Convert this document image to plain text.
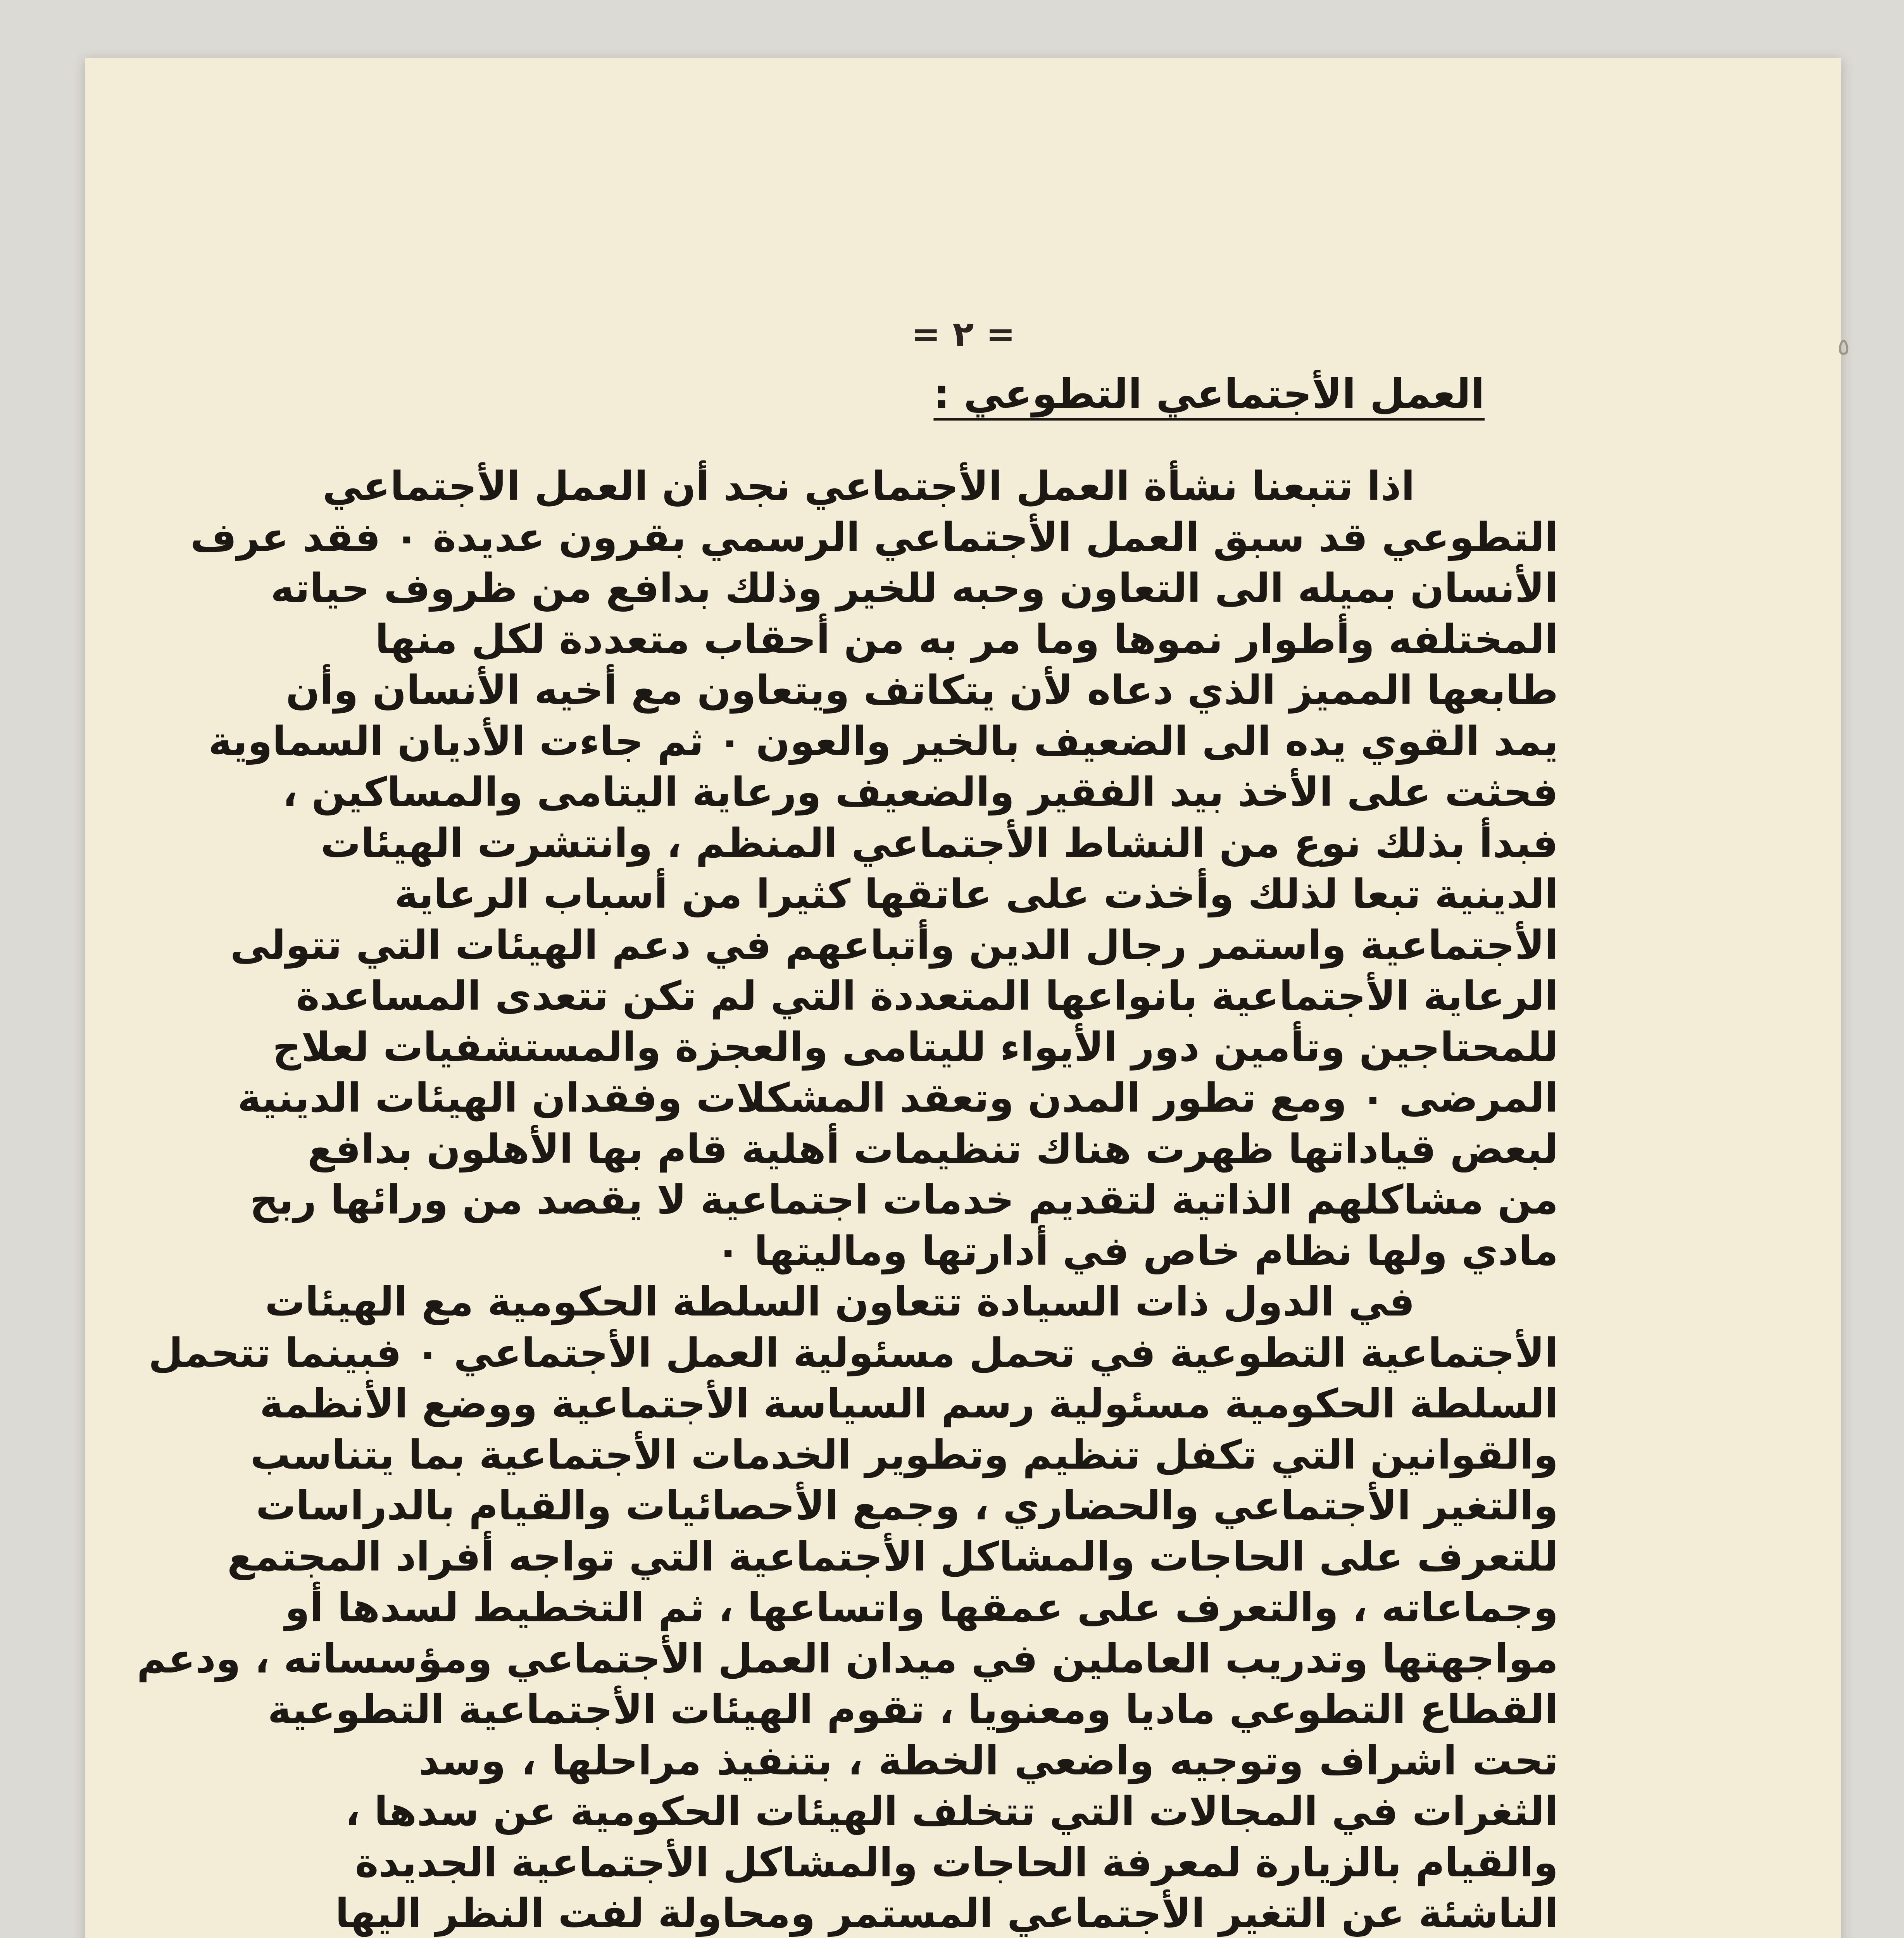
٥
= ٢ =
العمل الأجتماعي التطوعي :
اذا تتبعنا نشأة العمل الأجتماعي نجد أن العمل الأجتماعي
التطوعي قد سبق العمل الأجتماعي الرسمي بقرون عديدة ٠ فقد عرف
الأنسان بميله الى التعاون وحبه للخير وذلك بدافع من ظروف حياته
المختلفه وأطوار نموها وما مر به من أحقاب متعددة لكل منها
طابعها المميز الذي دعاه لأن يتكاتف ويتعاون مع أخيه الأنسان وأن
يمد القوي يده الى الضعيف بالخير والعون ٠ ثم جاءت الأديان السماوية
فحثت على الأخذ بيد الفقير والضعيف ورعاية اليتامى والمساكين ،
فبدأ بذلك نوع من النشاط الأجتماعي المنظم ، وانتشرت الهيئات
الدينية تبعا لذلك وأخذت على عاتقها كثيرا من أسباب الرعاية
الأجتماعية واستمر رجال الدين وأتباعهم في دعم الهيئات التي تتولى
الرعاية الأجتماعية بانواعها المتعددة التي لم تكن تتعدى المساعدة
للمحتاجين وتأمين دور الأيواء لليتامى والعجزة والمستشفيات لعلاج
المرضى ٠ ومع تطور المدن وتعقد المشكلات وفقدان الهيئات الدينية
لبعض قياداتها ظهرت هناك تنظيمات أهلية قام بها الأهلون بدافع
من مشاكلهم الذاتية لتقديم خدمات اجتماعية لا يقصد من ورائها ربح
مادي ولها نظام خاص في أدارتها وماليتها ٠
في الدول ذات السيادة تتعاون السلطة الحكومية مع الهيئات
الأجتماعية التطوعية في تحمل مسئولية العمل الأجتماعي ٠ فبينما تتحمل
السلطة الحكومية مسئولية رسم السياسة الأجتماعية ووضع الأنظمة
والقوانين التي تكفل تنظيم وتطوير الخدمات الأجتماعية بما يتناسب
والتغير الأجتماعي والحضاري ، وجمع الأحصائيات والقيام بالدراسات
للتعرف على الحاجات والمشاكل الأجتماعية التي تواجه أفراد المجتمع
وجماعاته ، والتعرف على عمقها واتساعها ، ثم التخطيط لسدها أو
مواجهتها وتدريب العاملين في ميدان العمل الأجتماعي ومؤسساته ، ودعم
القطاع التطوعي ماديا ومعنويا ، تقوم الهيئات الأجتماعية التطوعية
تحت اشراف وتوجيه واضعي الخطة ، بتنفيذ مراحلها ، وسد
الثغرات في المجالات التي تتخلف الهيئات الحكومية عن سدها ،
والقيام بالزيارة لمعرفة الحاجات والمشاكل الأجتماعية الجديدة
الناشئة عن التغير الأجتماعي المستمر ومحاولة لفت النظر اليها
